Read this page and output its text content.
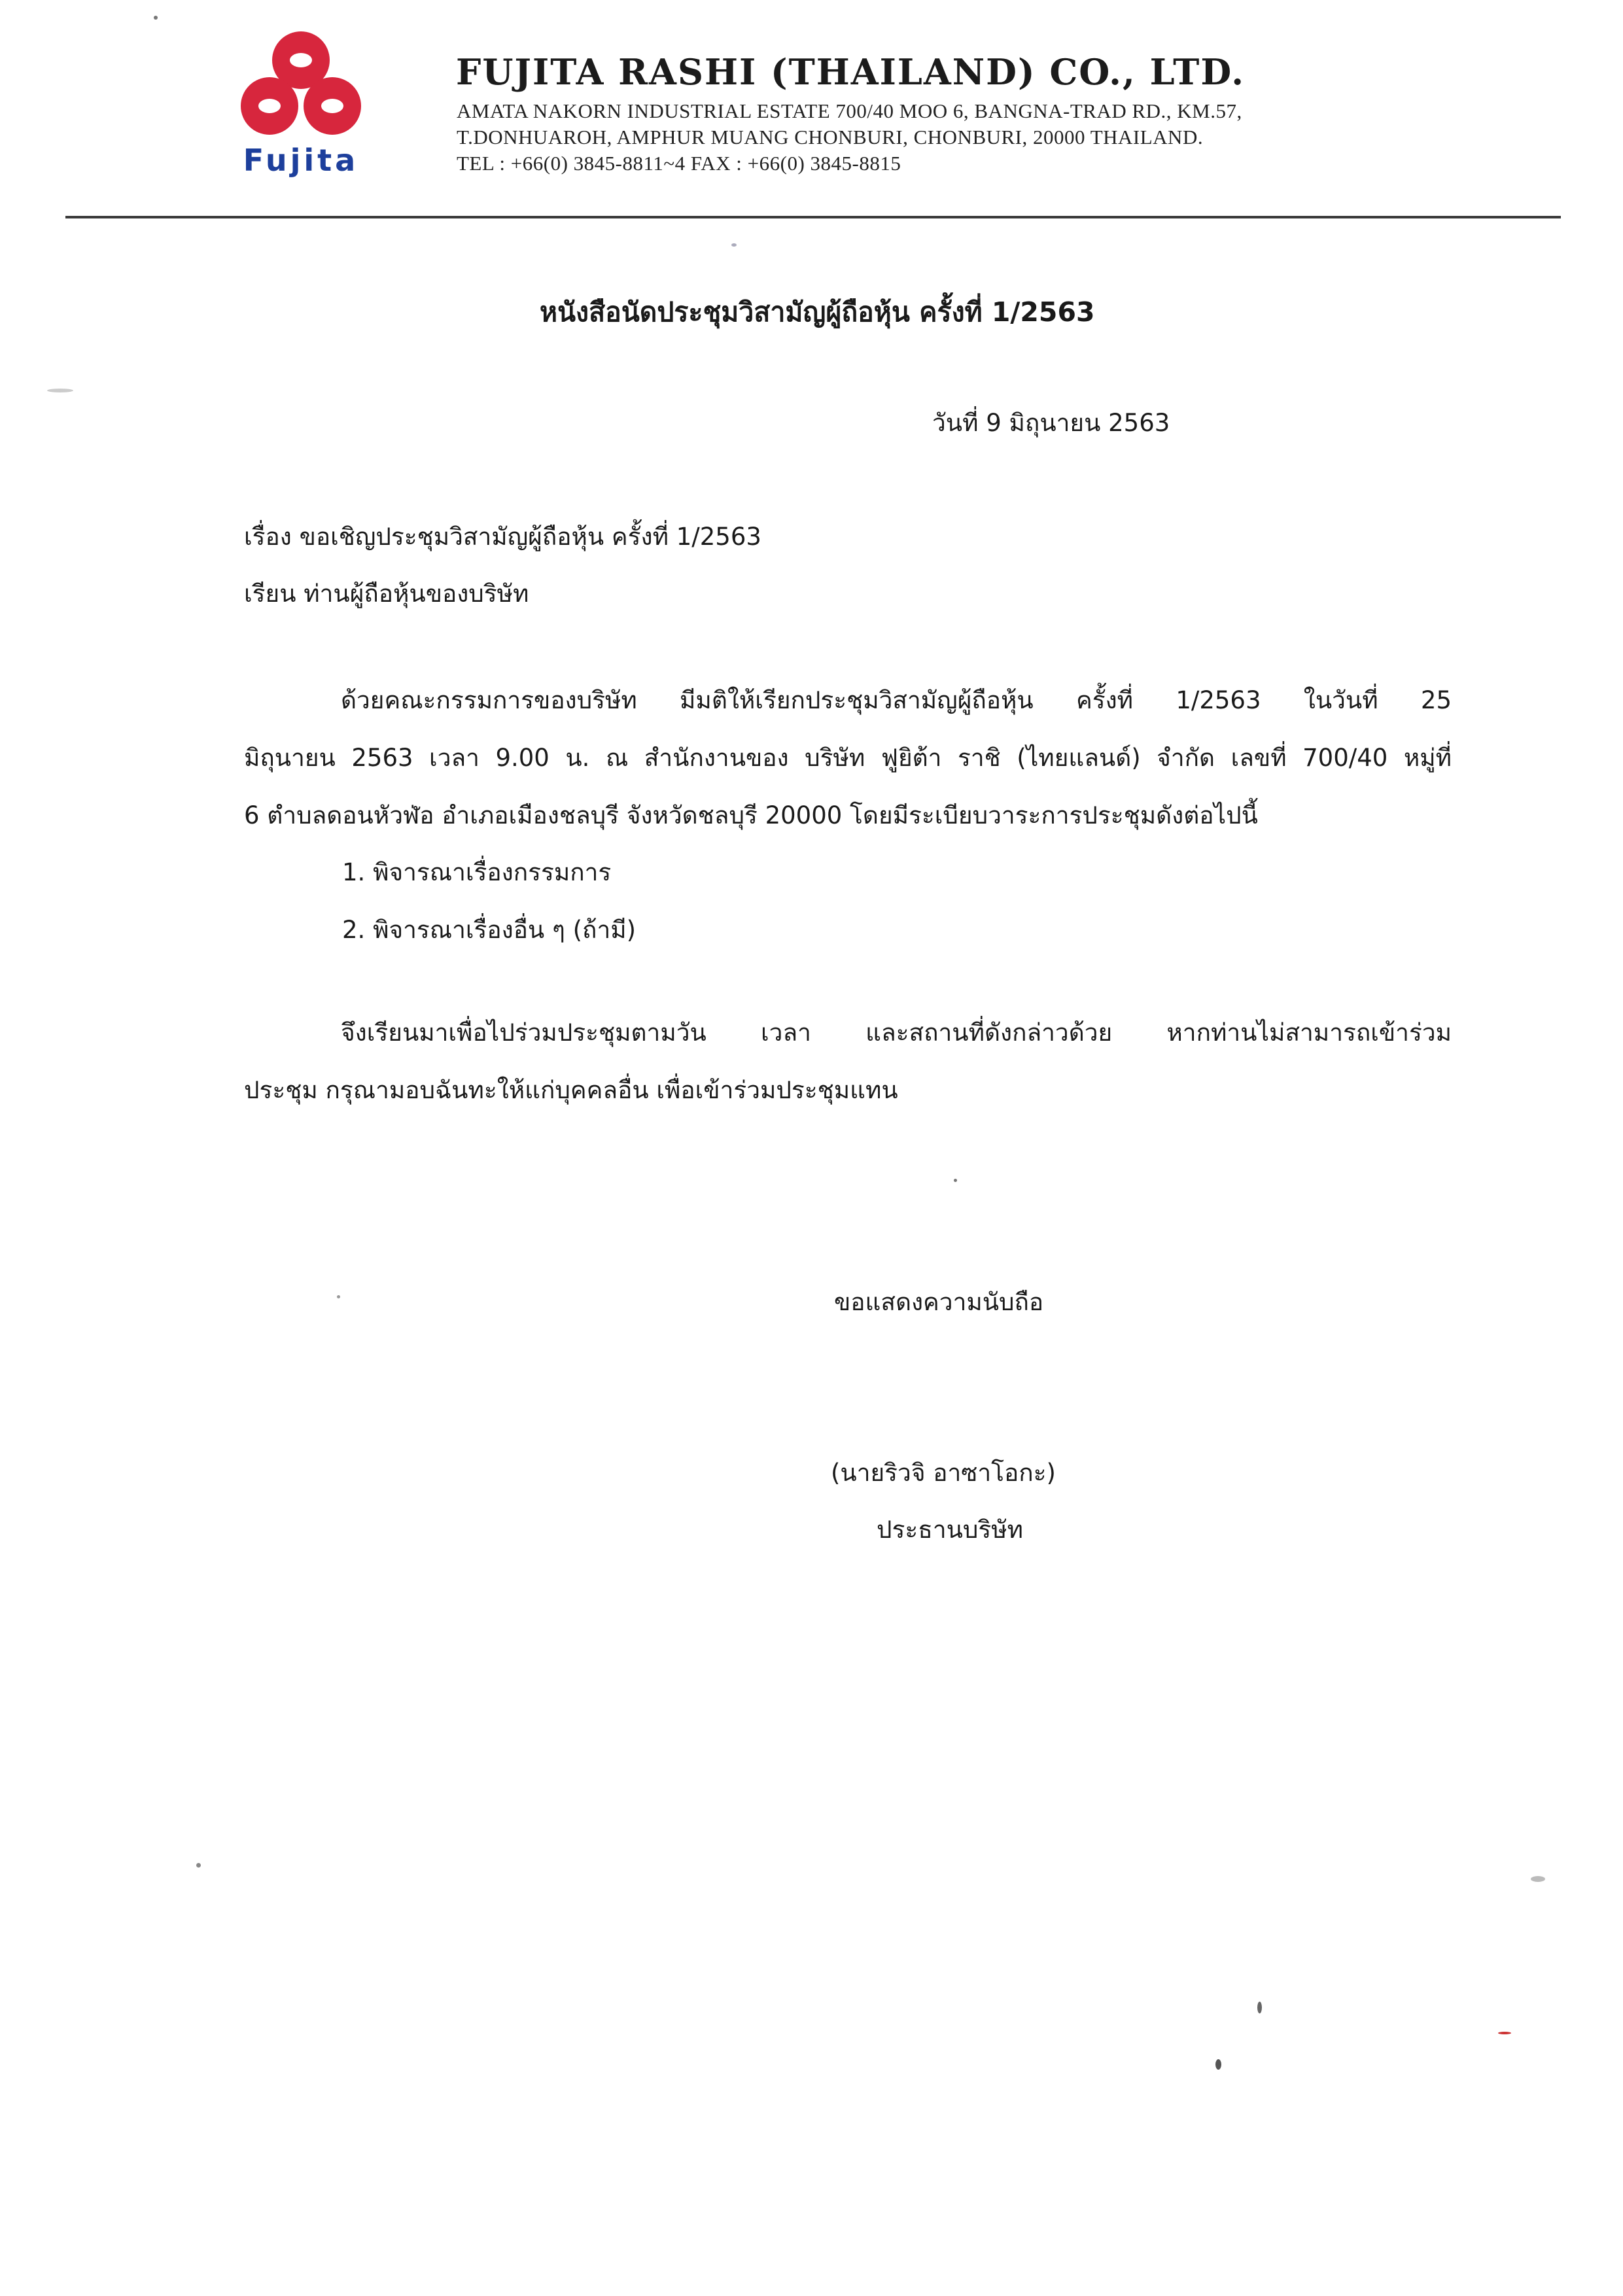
Fujita
FUJITA RASHI (THAILAND) CO., LTD.
AMATA NAKORN INDUSTRIAL ESTATE 700/40 MOO 6, BANGNA-TRAD RD., KM.57,
T.DONHUAROH, AMPHUR MUANG CHONBURI, CHONBURI, 20000 THAILAND.
TEL : +66(0) 3845-8811~4 FAX : +66(0) 3845-8815
หนังสือนัดประชุมวิสามัญผู้ถือหุ้น ครั้งที่ 1/2563
วันที่ 9 มิถุนายน 2563
เรื่อง ขอเชิญประชุมวิสามัญผู้ถือหุ้น ครั้งที่ 1/2563
เรียน ท่านผู้ถือหุ้นของบริษัท
ด้วยคณะกรรมการของบริษัท มีมติให้เรียกประชุมวิสามัญผู้ถือหุ้น ครั้งที่ 1/2563 ในวันที่ 25
มิถุนายน 2563 เวลา 9.00 น. ณ สำนักงานของ บริษัท ฟูยิต้า ราชิ (ไทยแลนด์) จำกัด เลขที่ 700/40 หมู่ที่
6 ตำบลดอนหัวฬ่อ อำเภอเมืองชลบุรี จังหวัดชลบุรี 20000 โดยมีระเบียบวาระการประชุมดังต่อไปนี้
1. พิจารณาเรื่องกรรมการ
2. พิจารณาเรื่องอื่น ๆ (ถ้ามี)
จึงเรียนมาเพื่อไปร่วมประชุมตามวัน เวลา และสถานที่ดังกล่าวด้วย หากท่านไม่สามารถเข้าร่วม
ประชุม กรุณามอบฉันทะให้แก่บุคคลอื่น เพื่อเข้าร่วมประชุมแทน
ขอแสดงความนับถือ
(นายริวจิ อาซาโอกะ)
ประธานบริษัท
